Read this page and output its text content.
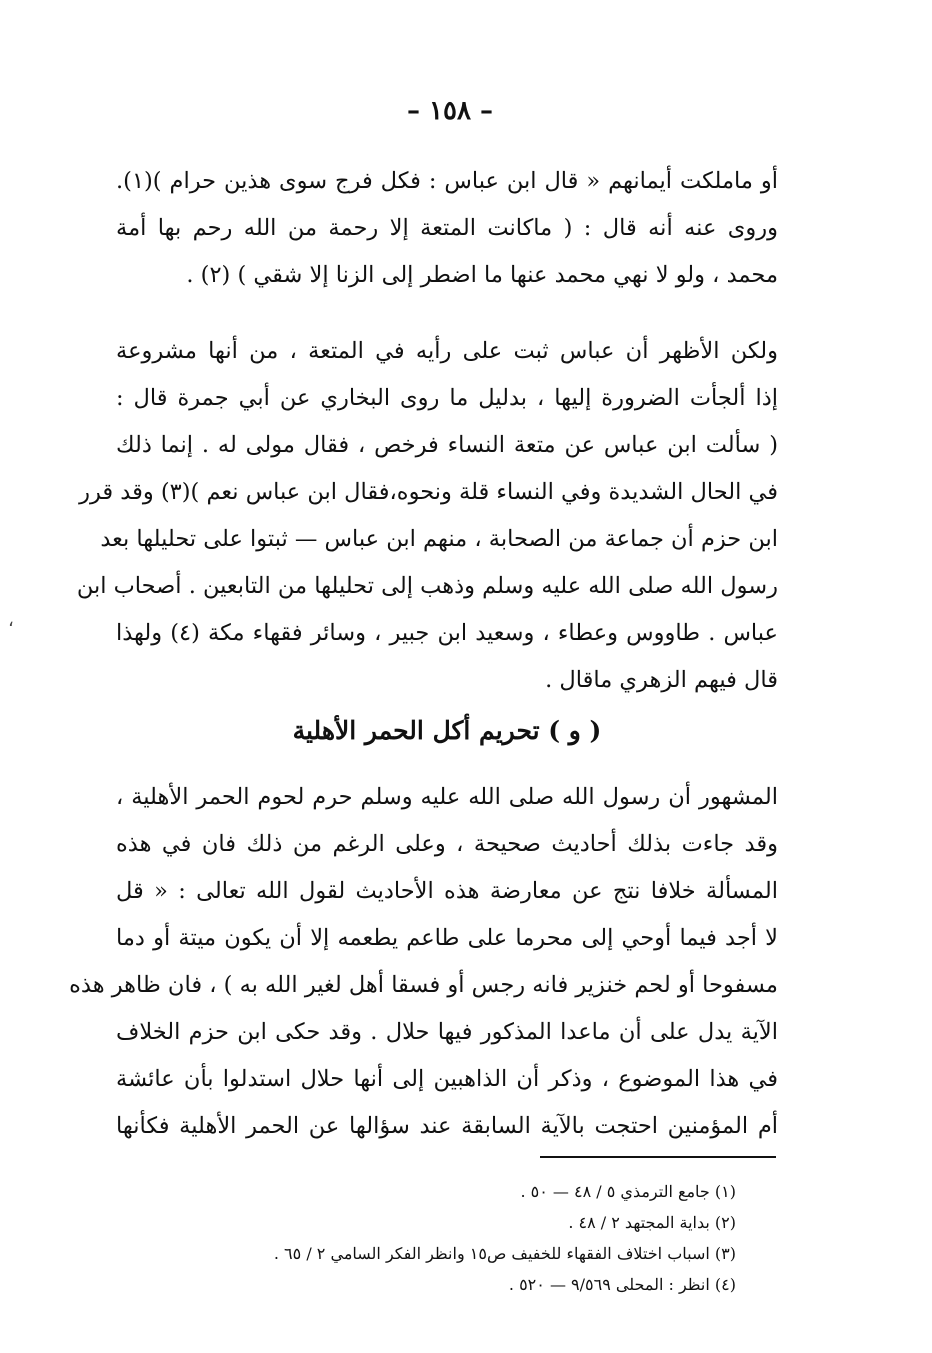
– ١٥٨ –
أو ماملكت أيمانهم « قال ابن عباس : فكل فرج سوى هذين حرام )(١).
وروى عنه أنه قال : ( ماكانت المتعة إلا رحمة من الله رحم بها أمة
محمد ، ولو لا نهي محمد عنها ما اضطر إلى الزنا إلا شقي ) (٢) .
ولكن الأظهر أن عباس ثبت على رأيه في المتعة ، من أنها مشروعة
إذا ألجأت الضرورة إليها ، بدليل ما روى البخاري عن أبي جمرة قال :
( سألت ابن عباس عن متعة النساء فرخص ، فقال مولى له . إنما ذلك
في الحال الشديدة وفي النساء قلة ونحوه،فقال ابن عباس نعم )(٣) وقد قرر
ابن حزم أن جماعة من الصحابة ، منهم ابن عباس — ثبتوا على تحليلها بعد
رسول الله صلى الله عليه وسلم وذهب إلى تحليلها من التابعين . أصحاب ابن
عباس . طاووس وعطاء ، وسعيد ابن جبير ، وسائر فقهاء مكة (٤) ولهذا
قال فيهم الزهري ماقال .
( و ) تحريم أكل الحمر الأهلية
المشهور أن رسول الله صلى الله عليه وسلم حرم لحوم الحمر الأهلية ،
وقد جاءت بذلك أحاديث صحيحة ، وعلى الرغم من ذلك فان في هذه
المسألة خلافا نتج عن معارضة هذه الأحاديث لقول الله تعالى : « قل
لا أجد فيما أوحي إلى محرما على طاعم يطعمه إلا أن يكون ميتة أو دما
مسفوحا أو لحم خنزير فانه رجس أو فسقا أهل لغير الله به ) ، فان ظاهر هذه
الآية يدل على أن ماعدا المذكور فيها حلال . وقد حكى ابن حزم الخلاف
في هذا الموضوع ، وذكر أن الذاهبين إلى أنها حلال استدلوا بأن عائشة
أم المؤمنين احتجت بالآية السابقة عند سؤالها عن الحمر الأهلية فكأنها
(١) جامع الترمذي ٥ / ٤٨ — ٥٠ .
(٢) بداية المجتهد ٢ / ٤٨ .
(٣) اسباب اختلاف الفقهاء للخفيف ص١٥ وانظر الفكر السامي ٢ / ٦٥ .
(٤) انظر : المحلى ٩/٥٦٩ — ٥٢٠ .
،
